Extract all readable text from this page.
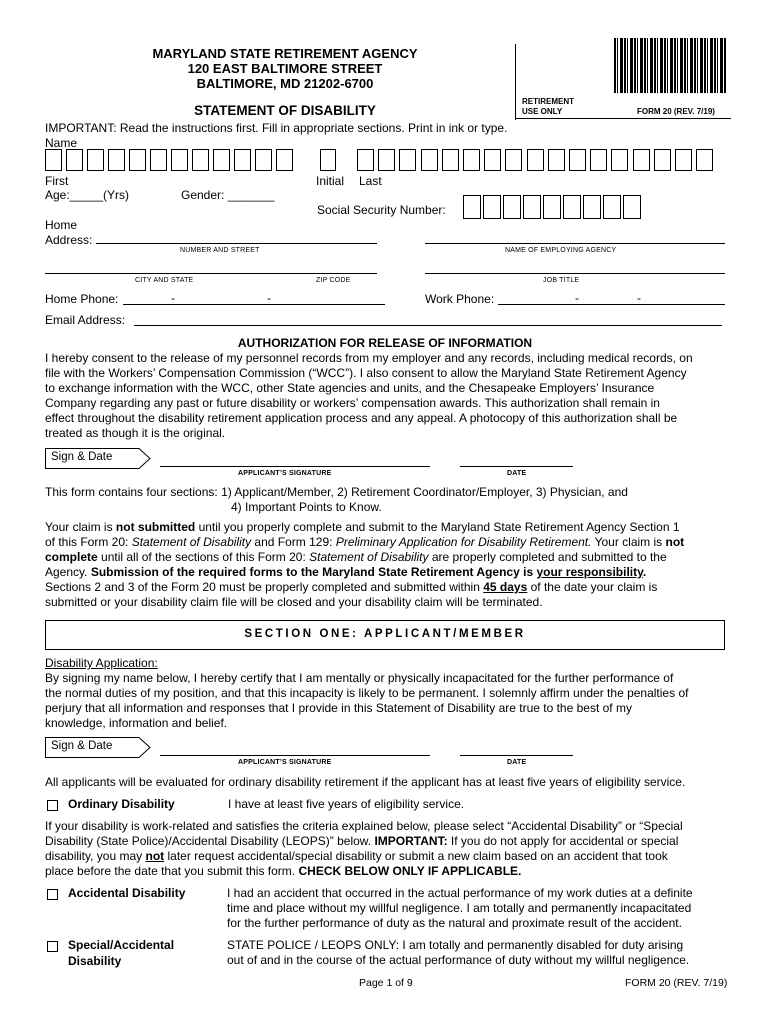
MARYLAND STATE RETIREMENT AGENCY
120 EAST BALTIMORE STREET
BALTIMORE, MD 21202-6700
STATEMENT OF DISABILITY
RETIREMENT
USE ONLY	FORM 20 (REV. 7/19)
IMPORTANT: Read the instructions first. Fill in appropriate sections. Print in ink or type.
Name
First	Initial Last
Age:_____(Yrs)	Gender: _______
Social Security Number:
Home
Address:
NUMBER AND STREET	NAME OF EMPLOYING AGENCY
CITY AND STATE	ZIP CODE	JOB TITLE
Home Phone:	-	-	Work Phone:	-	-
Email Address:
AUTHORIZATION FOR RELEASE OF INFORMATION
I hereby consent to the release of my personnel records from my employer and any records, including medical records, on
file with the Workers’ Compensation Commission (“WCC”). I also consent to allow the Maryland State Retirement Agency
to exchange information with the WCC, other State agencies and units, and the Chesapeake Employers’ Insurance
Company regarding any past or future disability or workers’ compensation awards. This authorization shall remain in
effect throughout the disability retirement application process and any appeal. A photocopy of this authorization shall be
treated as though it is the original.
Sign & Date
APPLICANT’S SIGNATURE	DATE
This form contains four sections: 1) Applicant/Member, 2) Retirement Coordinator/Employer, 3) Physician, and
4) Important Points to Know.
Your claim is not submitted until you properly complete and submit to the Maryland State Retirement Agency Section 1
of this Form 20: Statement of Disability and Form 129: Preliminary Application for Disability Retirement. Your claim is not
complete until all of the sections of this Form 20: Statement of Disability are properly completed and submitted to the
Agency. Submission of the required forms to the Maryland State Retirement Agency is your responsibility.
Sections 2 and 3 of the Form 20 must be properly completed and submitted within 45 days of the date your claim is
submitted or your disability claim file will be closed and your disability claim will be terminated.
SECTION ONE: APPLICANT/MEMBER
Disability Application:
By signing my name below, I hereby certify that I am mentally or physically incapacitated for the further performance of
the normal duties of my position, and that this incapacity is likely to be permanent. I solemnly affirm under the penalties of
perjury that all information and responses that I provide in this Statement of Disability are true to the best of my
knowledge, information and belief.
Sign & Date
APPLICANT’S SIGNATURE	DATE
All applicants will be evaluated for ordinary disability retirement if the applicant has at least five years of eligibility service.
Ordinary Disability	I have at least five years of eligibility service.
If your disability is work-related and satisfies the criteria explained below, please select “Accidental Disability” or “Special
Disability (State Police)/Accidental Disability (LEOPS)” below. IMPORTANT: If you do not apply for accidental or special
disability, you may not later request accidental/special disability or submit a new claim based on an accident that took
place before the date that you submit this form. CHECK BELOW ONLY IF APPLICABLE.
Accidental Disability	I had an accident that occurred in the actual performance of my work duties at a definite
time and place without my willful negligence. I am totally and permanently incapacitated
for the further performance of duty as the natural and proximate result of the accident.
Special/Accidental
Disability
STATE POLICE / LEOPS ONLY: I am totally and permanently disabled for duty arising
out of and in the course of the actual performance of duty without my willful negligence.
Page 1 of 9	FORM 20 (REV. 7/19)
